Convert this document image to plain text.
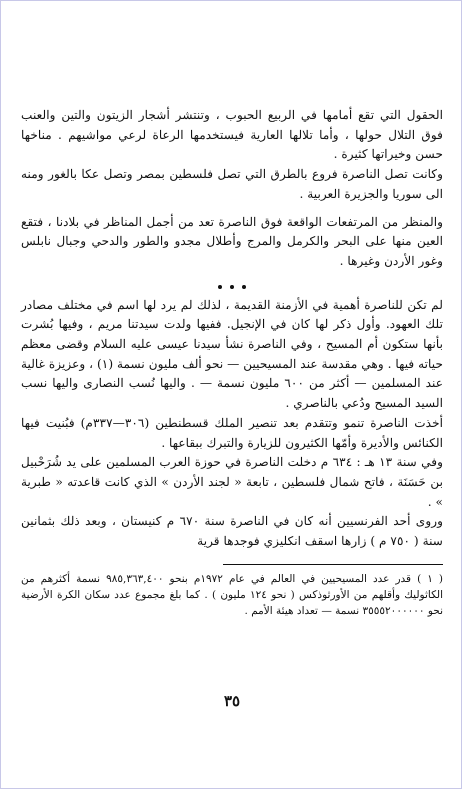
الحقول التي تقع أمامها في الربيع الحبوب ، وتنتشر أشجار الزيتون والتين والعنب فوق التلال حولها ، وأما تلالها العارية فيستخدمها الرعاة لرعي مواشيهم . مناخها حسن وخيراتها كثيرة .

وكانت تصل الناصرة فروع بالطرق التي تصل فلسطين بمصر وتصل عكا بالغور ومنه الى سوريا والجزيرة العربية .

والمنظر من المرتفعات الواقعة فوق الناصرة تعد من أجمل المناظر في بلادنا ، فتقع العين منها على البحر والكرمل والمرج وأطلال مجدو والطور والدحي وجبال نابلس وغور الأردن وغيرها .

لم تكن للناصرة أهمية في الأزمنة القديمة ، لذلك لم يرد لها اسم في مختلف مصادر تلك العهود. وأول ذكر لها كان في الإنجيل. ففيها ولدت سيدتنا مريم ، وفيها بُشرت بأنها ستكون أم المسيح ، وفي الناصرة نشأ سيدنا عيسى عليه السلام وقضى معظم حياته فيها . وهي مقدسة عند المسيحيين — نحو ألف مليون نسمة (١) ، وعزيزة غالية عند المسلمين — أكثر من ٦٠٠ مليون نسمة — . واليها نُسب النصارى واليها نسب السيد المسيح ودُعي بالناصري .

أخذت الناصرة تنمو وتتقدم بعد تنصير الملك قسطنطين (٣٠٦—٣٣٧م) فبُنيت فيها الكنائس والأديرة وأمّها الكثيرون للزيارة والتبرك ببقاعها .

وفي سنة ١٣ هـ : ٦٣٤ م دخلت الناصرة في حوزة العرب المسلمين على يد شُرَحْبيل بن حَسَنَة ، فاتح شمال فلسطين ، تابعة « لجند الأردن » الذي كانت قاعدته « طبرية » .

وروى أحد الفرنسيين أنه كان في الناصرة سنة ٦٧٠ م كنيستان ، وبعد ذلك بثمانين سنة ( ٧٥٠ م ) زارها اسقف انكليزي فوجدها قرية

( ١ ) قدر عدد المسيحيين في العالم في عام ١٩٧٢م بنحو ٩٨٥,٣٦٣,٤٠٠ نسمة أكثرهم من الكاثوليك وأقلهم من الأورثوذكس ( نحو ١٢٤ مليون ) . كما بلغ مجموع عدد سكان الكرة الأرضية نحو ٣٥٥٥٢٠٠٠٠٠٠ نسمة — تعداد هيئة الأمم .

٣٥
